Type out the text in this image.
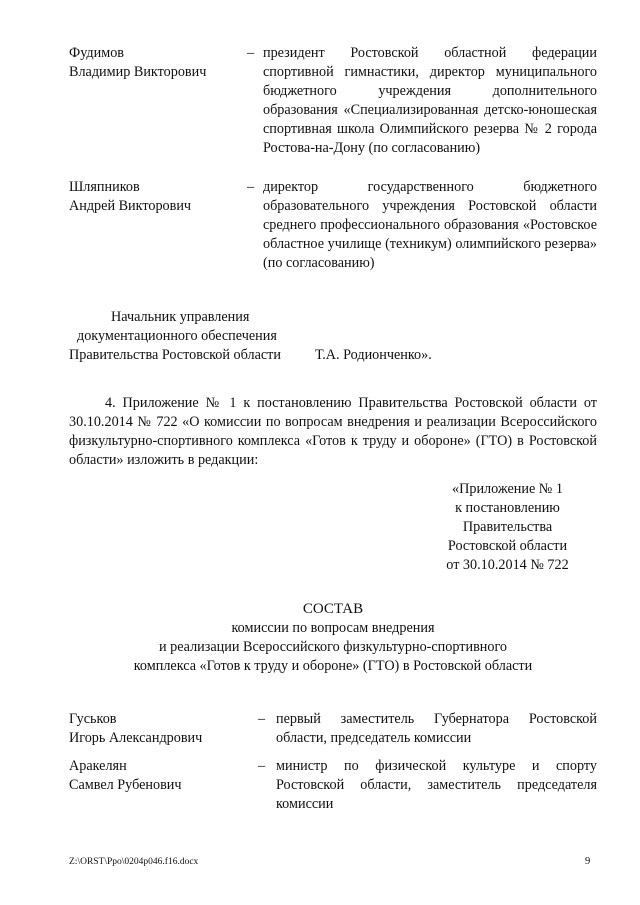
Фудимов
Владимир Викторович
– президент Ростовской областной федерации спортивной гимнастики, директор муниципального бюджетного учреждения дополнительного образования «Специализированная детско-юношеская спортивная школа Олимпийского резерва № 2 города Ростова-на-Дону (по согласованию)
Шляпников
Андрей Викторович
– директор государственного бюджетного образовательного учреждения Ростовской области среднего профессионального образования «Ростовское областное училище (техникум) олимпийского резерва» (по согласованию)
Начальник управления
документационного обеспечения
Правительства Ростовской области	Т.А. Родионченко».
4. Приложение № 1 к постановлению Правительства Ростовской области от 30.10.2014 № 722 «О комиссии по вопросам внедрения и реализации Всероссийского физкультурно-спортивного комплекса «Готов к труду и обороне» (ГТО) в Ростовской области» изложить в редакции:
«Приложение № 1
к постановлению
Правительства
Ростовской области
от 30.10.2014 № 722
СОСТАВ
комиссии по вопросам внедрения
и реализации Всероссийского физкультурно-спортивного
комплекса «Готов к труду и обороне» (ГТО) в Ростовской области
Гуськов
Игорь Александрович
– первый заместитель Губернатора Ростовской области, председатель комиссии
Аракелян
Самвел Рубенович
– министр по физической культуре и спорту Ростовской области, заместитель председателя комиссии
Z:\ORST\Ppo\0204p046.f16.docx	9
